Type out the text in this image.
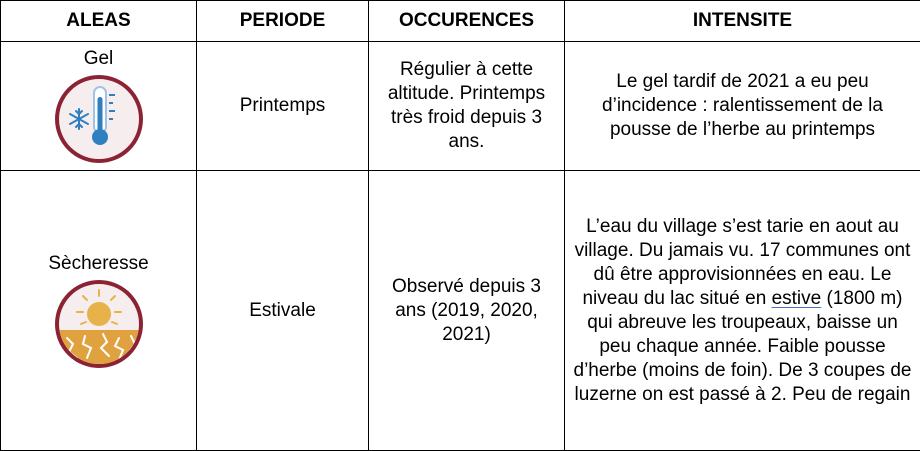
ALEAS	PERIODE	OCCURENCES	INTENSITE

Gel	Printemps	Régulier à cette altitude. Printemps très froid depuis 3 ans.	Le gel tardif de 2021 a eu peu d’incidence : ralentissement de la pousse de l’herbe au printemps

Sècheresse	Estivale	Observé depuis 3 ans (2019, 2020, 2021)	L’eau du village s’est tarie en aout au village. Du jamais vu. 17 communes ont dû être approvisionnées en eau. Le niveau du lac situé en estive (1800 m) qui abreuve les troupeaux, baisse un peu chaque année. Faible pousse d’herbe (moins de foin). De 3 coupes de luzerne on est passé à 2. Peu de regain
